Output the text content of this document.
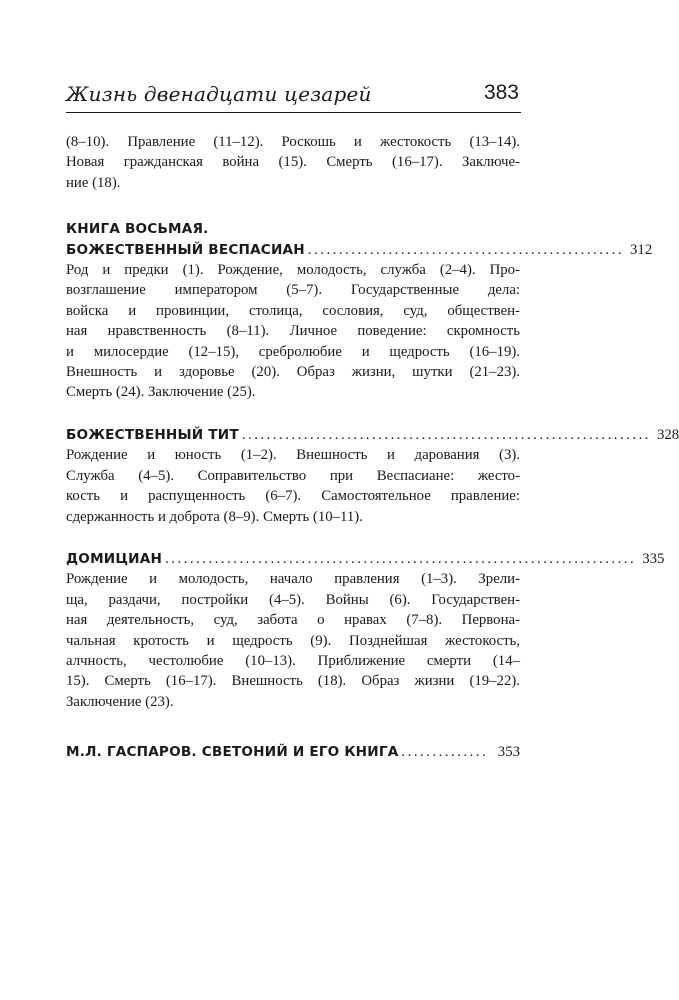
Жизнь двенадцати цезарей	383
(8–10). Правление (11–12). Роскошь и жестокость (13–14).
Новая гражданская война (15). Смерть (16–17). Заключе-
ние (18).
КНИГА ВОСЬМАЯ.
БОЖЕСТВЕННЫЙ ВЕСПАСИАН ................................................... 312
Род и предки (1). Рождение, молодость, служба (2–4). Про-
возглашение императором (5–7). Государственные дела:
войска и провинции, столица, сословия, суд, обществен-
ная нравственность (8–11). Личное поведение: скромность
и милосердие (12–15), сребролюбие и щедрость (16–19).
Внешность и здоровье (20). Образ жизни, шутки (21–23).
Смерть (24). Заключение (25).
БОЖЕСТВЕННЫЙ ТИТ .................................................................. 328
Рождение и юность (1–2). Внешность и дарования (3).
Служба (4–5). Соправительство при Веспасиане: жесто-
кость и распущенность (6–7). Самостоятельное правление:
сдержанность и доброта (8–9). Смерть (10–11).
ДОМИЦИАН ............................................................................ 335
Рождение и молодость, начало правления (1–3). Зрели-
ща, раздачи, постройки (4–5). Войны (6). Государствен-
ная деятельность, суд, забота о нравах (7–8). Первона-
чальная кротость и щедрость (9). Позднейшая жестокость,
алчность, честолюбие (10–13). Приближение смерти (14–
15). Смерть (16–17). Внешность (18). Образ жизни (19–22).
Заключение (23).
М.Л. ГАСПАРОВ. СВЕТОНИЙ И ЕГО КНИГА .............. 353
